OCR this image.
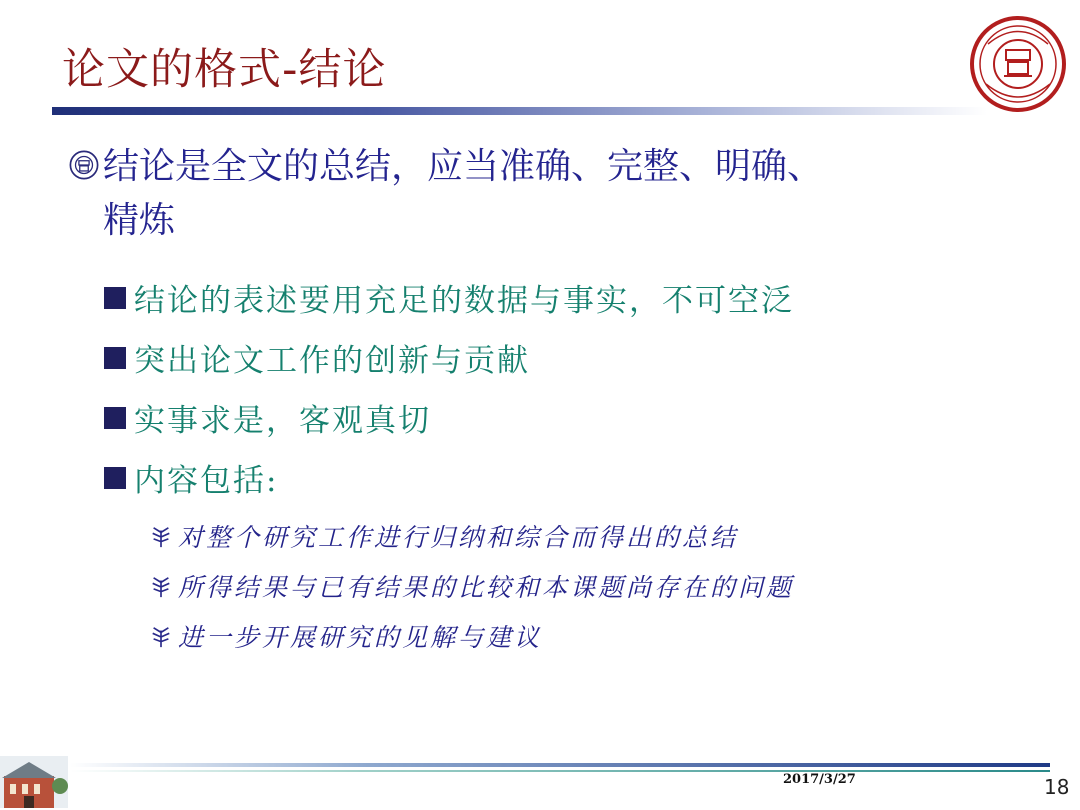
论文的格式-结论
结论是全文的总结，应当准确、完整、明确、
精炼
结论的表述要用充足的数据与事实，不可空泛
突出论文工作的创新与贡献
实事求是，客观真切
内容包括:
对整个研究工作进行归纳和综合而得出的总结
所得结果与已有结果的比较和本课题尚存在的问题
进一步开展研究的见解与建议
2017/3/27	18
